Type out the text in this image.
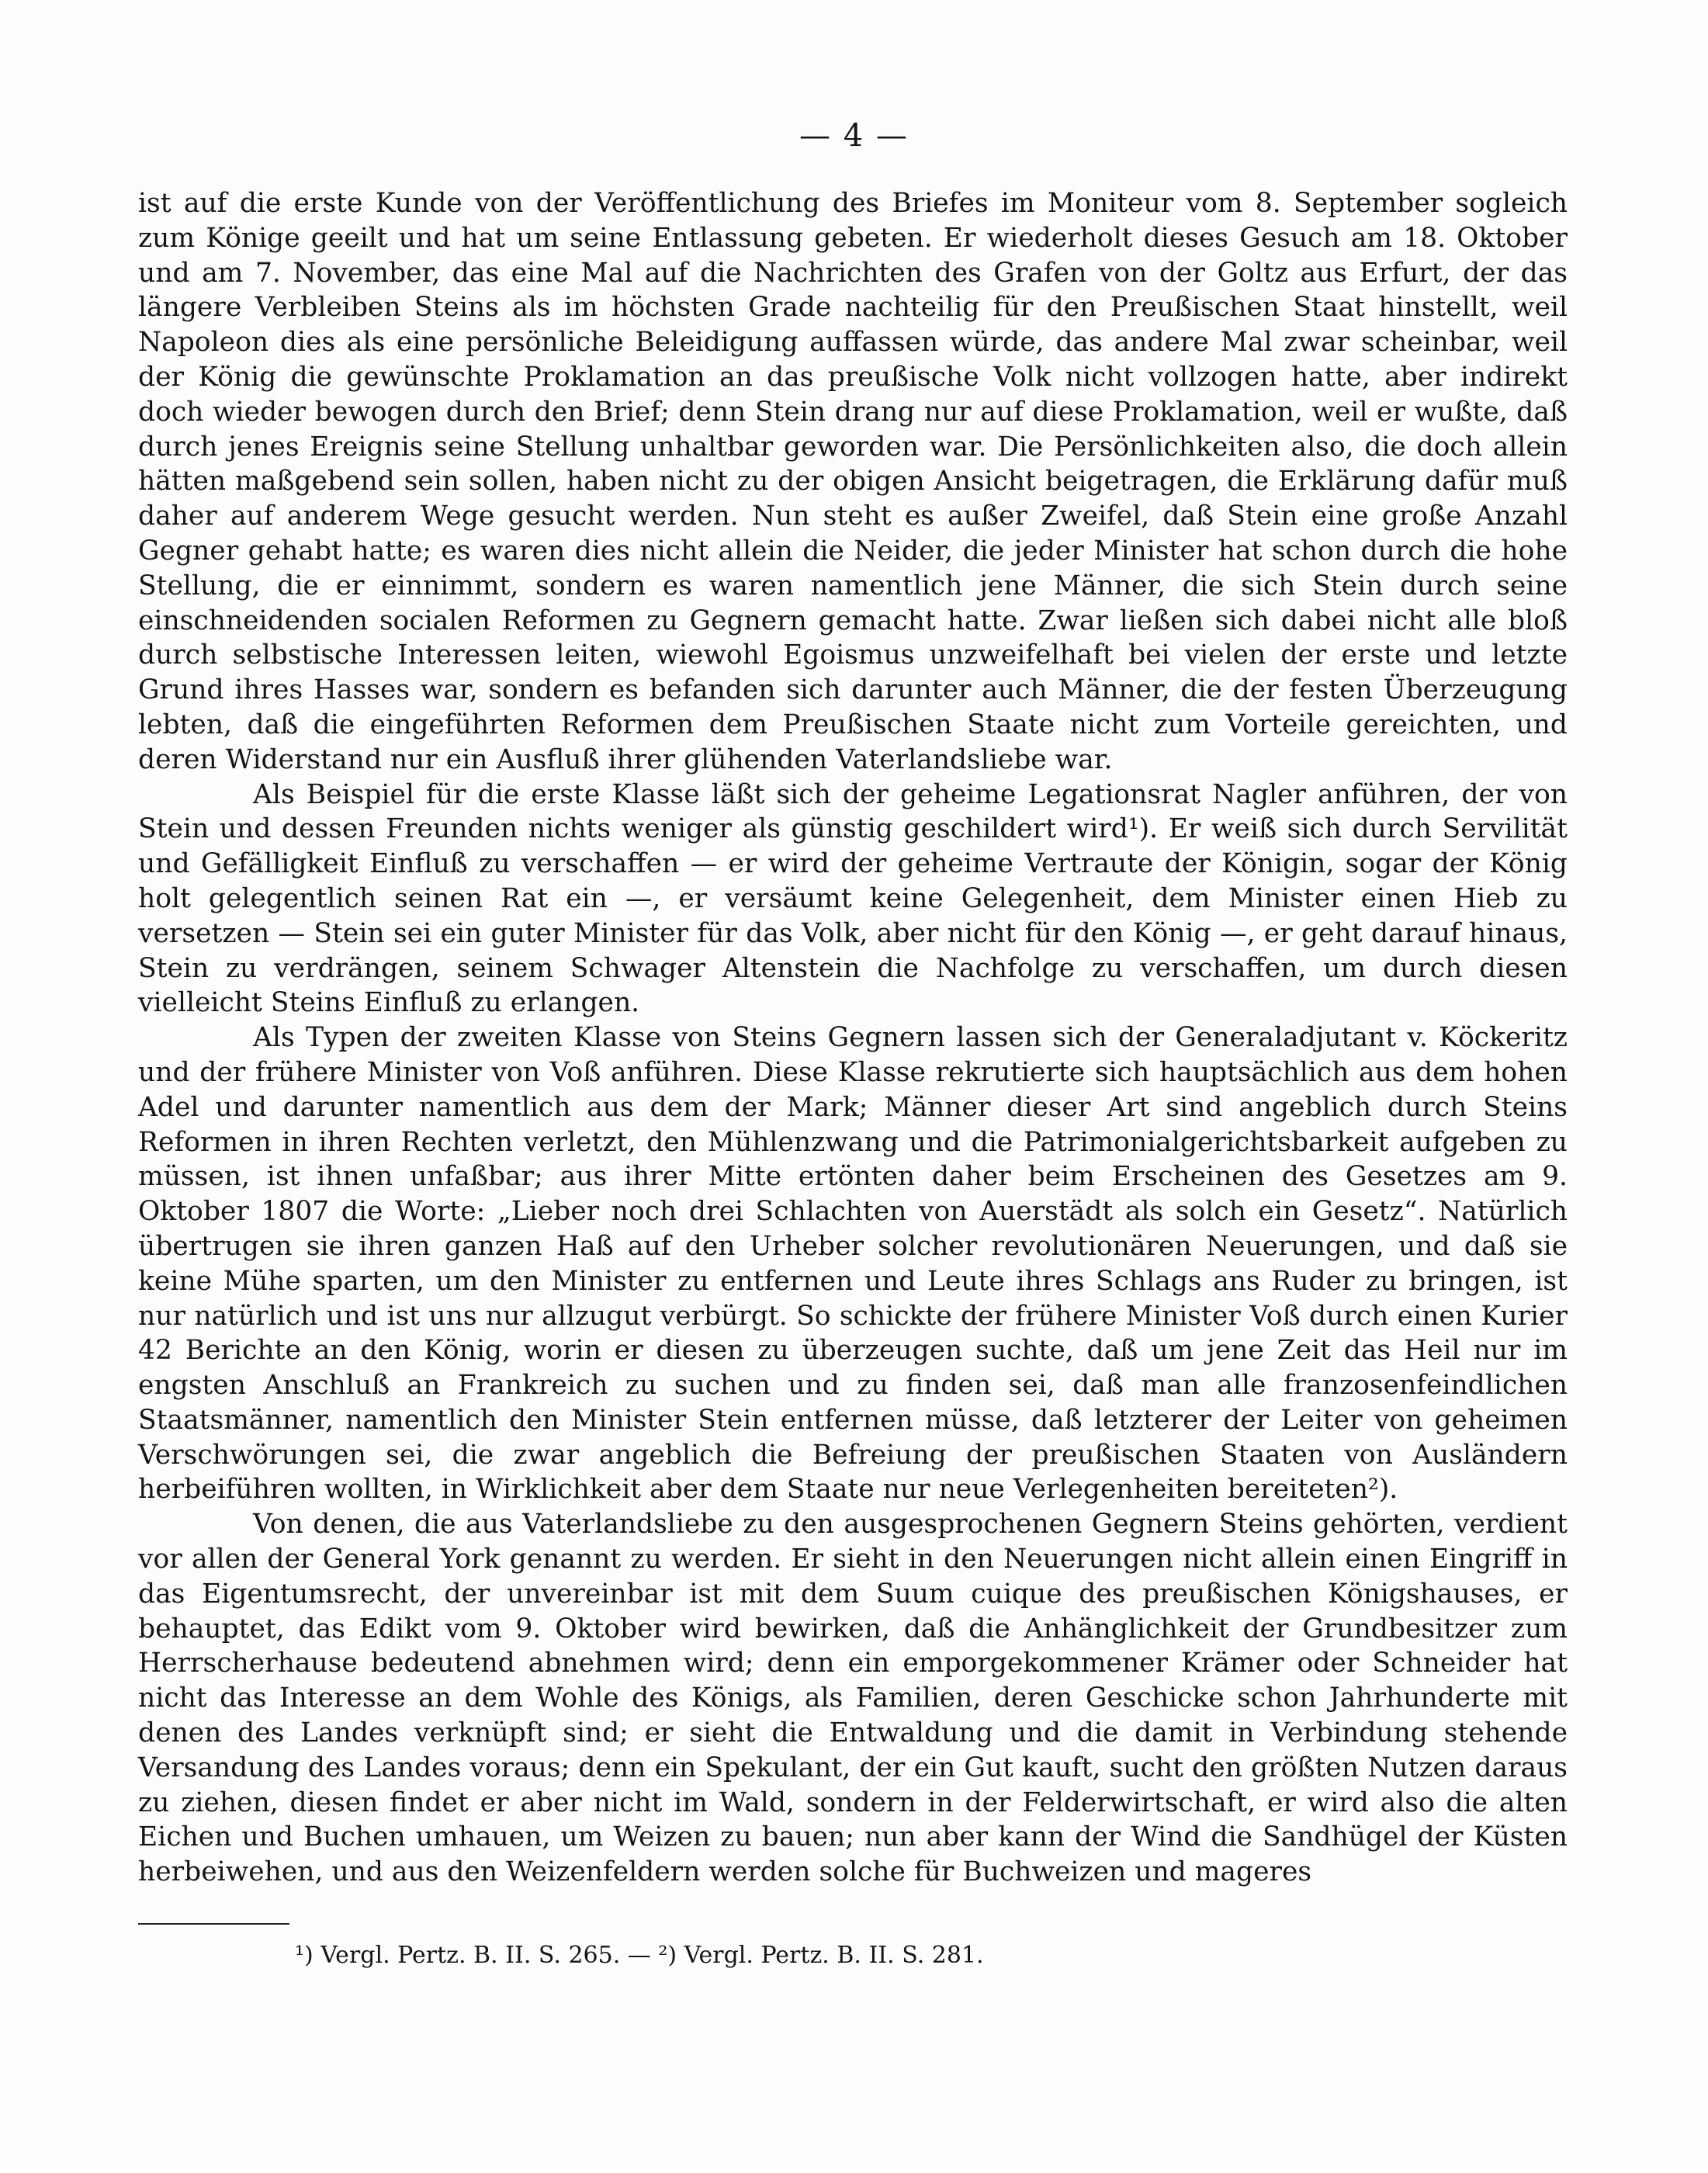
— 4 —

ist auf die erste Kunde von der Veröffentlichung des Briefes im Moniteur vom 8. September sogleich zum Könige geeilt und hat um seine Entlassung gebeten. Er wiederholt dieses Gesuch am 18. Oktober und am 7. November, das eine Mal auf die Nachrichten des Grafen von der Goltz aus Erfurt, der das längere Verbleiben Steins als im höchsten Grade nachteilig für den Preußischen Staat hinstellt, weil Napoleon dies als eine persönliche Beleidigung auffassen würde, das andere Mal zwar scheinbar, weil der König die gewünschte Proklamation an das preußische Volk nicht vollzogen hatte, aber indirekt doch wieder bewogen durch den Brief; denn Stein drang nur auf diese Proklamation, weil er wußte, daß durch jenes Ereignis seine Stellung unhaltbar geworden war. Die Persönlichkeiten also, die doch allein hätten maßgebend sein sollen, haben nicht zu der obigen Ansicht beigetragen, die Erklärung dafür muß daher auf anderem Wege gesucht werden. Nun steht es außer Zweifel, daß Stein eine große Anzahl Gegner gehabt hatte; es waren dies nicht allein die Neider, die jeder Minister hat schon durch die hohe Stellung, die er einnimmt, sondern es waren namentlich jene Männer, die sich Stein durch seine einschneidenden socialen Reformen zu Gegnern gemacht hatte. Zwar ließen sich dabei nicht alle bloß durch selbstische Interessen leiten, wiewohl Egoismus unzweifelhaft bei vielen der erste und letzte Grund ihres Hasses war, sondern es befanden sich darunter auch Männer, die der festen Überzeugung lebten, daß die eingeführten Reformen dem Preußischen Staate nicht zum Vorteile gereichten, und deren Widerstand nur ein Ausfluß ihrer glühenden Vaterlandsliebe war.

Als Beispiel für die erste Klasse läßt sich der geheime Legationsrat Nagler anführen, der von Stein und dessen Freunden nichts weniger als günstig geschildert wird¹). Er weiß sich durch Servilität und Gefälligkeit Einfluß zu verschaffen — er wird der geheime Vertraute der Königin, sogar der König holt gelegentlich seinen Rat ein —, er versäumt keine Gelegenheit, dem Minister einen Hieb zu versetzen — Stein sei ein guter Minister für das Volk, aber nicht für den König —, er geht darauf hinaus, Stein zu verdrängen, seinem Schwager Altenstein die Nachfolge zu verschaffen, um durch diesen vielleicht Steins Einfluß zu erlangen.

Als Typen der zweiten Klasse von Steins Gegnern lassen sich der Generaladjutant v. Köckeritz und der frühere Minister von Voß anführen. Diese Klasse rekrutierte sich hauptsächlich aus dem hohen Adel und darunter namentlich aus dem der Mark; Männer dieser Art sind angeblich durch Steins Reformen in ihren Rechten verletzt, den Mühlenzwang und die Patrimonialgerichtsbarkeit aufgeben zu müssen, ist ihnen unfaßbar; aus ihrer Mitte ertönten daher beim Erscheinen des Gesetzes am 9. Oktober 1807 die Worte: „Lieber noch drei Schlachten von Auerstädt als solch ein Gesetz“. Natürlich übertrugen sie ihren ganzen Haß auf den Urheber solcher revolutionären Neuerungen, und daß sie keine Mühe sparten, um den Minister zu entfernen und Leute ihres Schlags ans Ruder zu bringen, ist nur natürlich und ist uns nur allzugut verbürgt. So schickte der frühere Minister Voß durch einen Kurier 42 Berichte an den König, worin er diesen zu überzeugen suchte, daß um jene Zeit das Heil nur im engsten Anschluß an Frankreich zu suchen und zu finden sei, daß man alle franzosenfeindlichen Staatsmänner, namentlich den Minister Stein entfernen müsse, daß letzterer der Leiter von geheimen Verschwörungen sei, die zwar angeblich die Befreiung der preußischen Staaten von Ausländern herbeiführen wollten, in Wirklichkeit aber dem Staate nur neue Verlegenheiten bereiteten²).

Von denen, die aus Vaterlandsliebe zu den ausgesprochenen Gegnern Steins gehörten, verdient vor allen der General York genannt zu werden. Er sieht in den Neuerungen nicht allein einen Eingriff in das Eigentumsrecht, der unvereinbar ist mit dem Suum cuique des preußischen Königshauses, er behauptet, das Edikt vom 9. Oktober wird bewirken, daß die Anhänglichkeit der Grundbesitzer zum Herrscherhause bedeutend abnehmen wird; denn ein emporgekommener Krämer oder Schneider hat nicht das Interesse an dem Wohle des Königs, als Familien, deren Geschicke schon Jahrhunderte mit denen des Landes verknüpft sind; er sieht die Entwaldung und die damit in Verbindung stehende Versandung des Landes voraus; denn ein Spekulant, der ein Gut kauft, sucht den größten Nutzen daraus zu ziehen, diesen findet er aber nicht im Wald, sondern in der Felderwirtschaft, er wird also die alten Eichen und Buchen umhauen, um Weizen zu bauen; nun aber kann der Wind die Sandhügel der Küsten herbeiwehen, und aus den Weizenfeldern werden solche für Buchweizen und mageres

¹) Vergl. Pertz. B. II. S. 265. — ²) Vergl. Pertz. B. II. S. 281.
